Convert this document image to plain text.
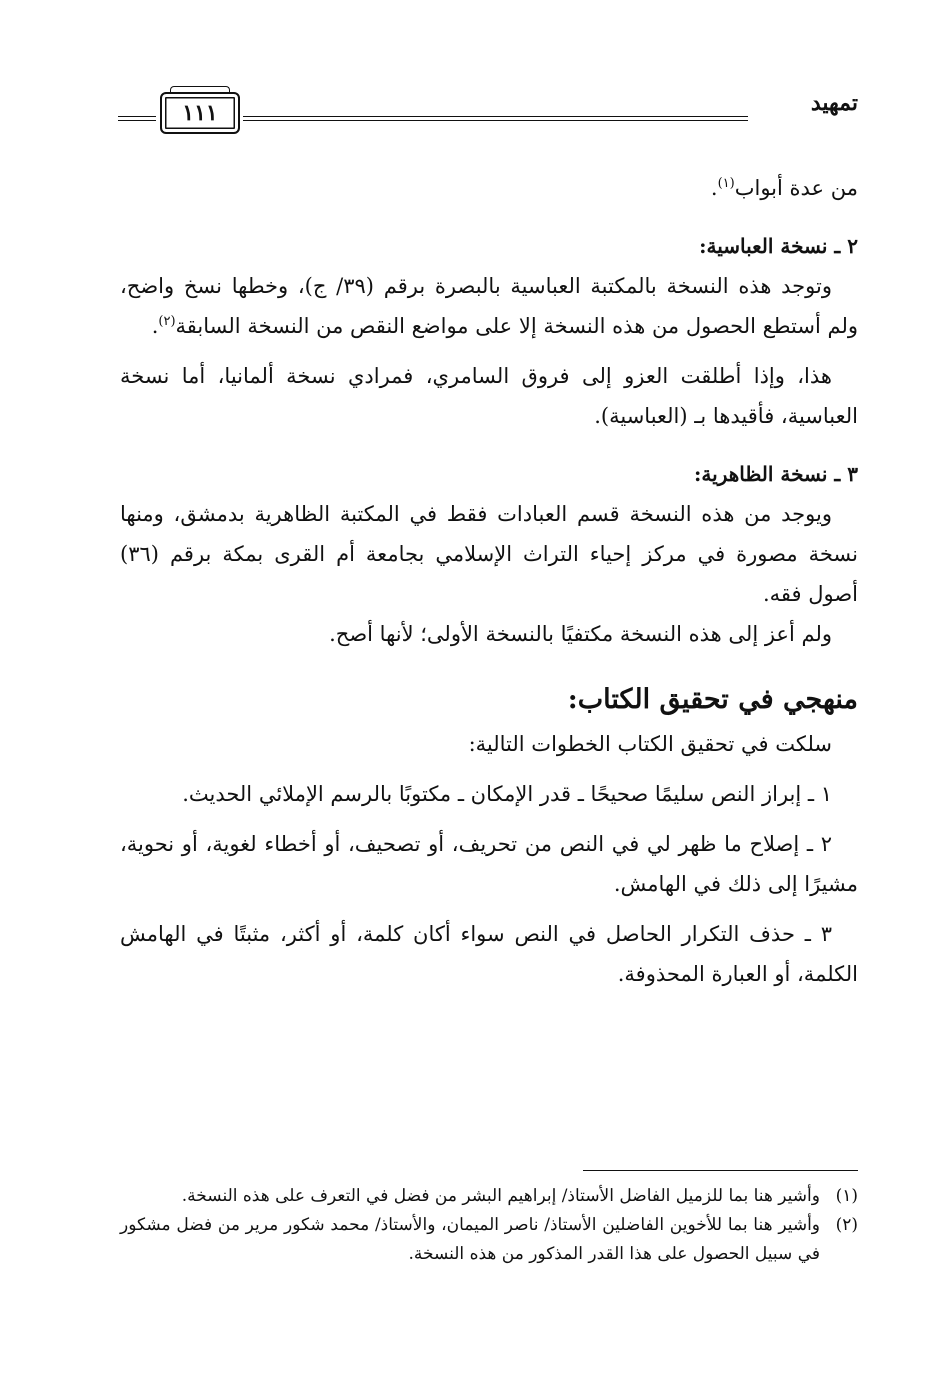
تمهيد
١١١

من عدة أبواب$^{(١)}$.

٢ ـ نسخة العباسية:

وتوجد هذه النسخة بالمكتبة العباسية بالبصرة برقم (٣٩/ ج)، وخطها نسخ واضح، ولم أستطع الحصول من هذه النسخة إلا على مواضع النقص من النسخة السابقة$^{(٢)}$.

هذا، وإذا أطلقت العزو إلى فروق السامري، فمرادي نسخة ألمانيا، أما نسخة العباسية، فأقيدها بـ (العباسية).

٣ ـ نسخة الظاهرية:

ويوجد من هذه النسخة قسم العبادات فقط في المكتبة الظاهرية بدمشق، ومنها نسخة مصورة في مركز إحياء التراث الإسلامي بجامعة أم القرى بمكة برقم (٣٦) أصول فقه.

ولم أعز إلى هذه النسخة مكتفيًا بالنسخة الأولى؛ لأنها أصح.

منهجي في تحقيق الكتاب:

سلكت في تحقيق الكتاب الخطوات التالية:

١ ـ إبراز النص سليمًا صحيحًا ـ قدر الإمكان ـ مكتوبًا بالرسم الإملائي الحديث.

٢ ـ إصلاح ما ظهر لي في النص من تحريف، أو تصحيف، أو أخطاء لغوية، أو نحوية، مشيرًا إلى ذلك في الهامش.

٣ ـ حذف التكرار الحاصل في النص سواء أكان كلمة، أو أكثر، مثبتًا في الهامش الكلمة، أو العبارة المحذوفة.

(١)
وأشير هنا بما للزميل الفاضل الأستاذ/ إبراهيم البشر من فضل في التعرف على هذه النسخة.
(٢)
وأشير هنا بما للأخوين الفاضلين الأستاذ/ ناصر الميمان، والأستاذ/ محمد شكور مرير من فضل مشكور في سبيل الحصول على هذا القدر المذكور من هذه النسخة.
